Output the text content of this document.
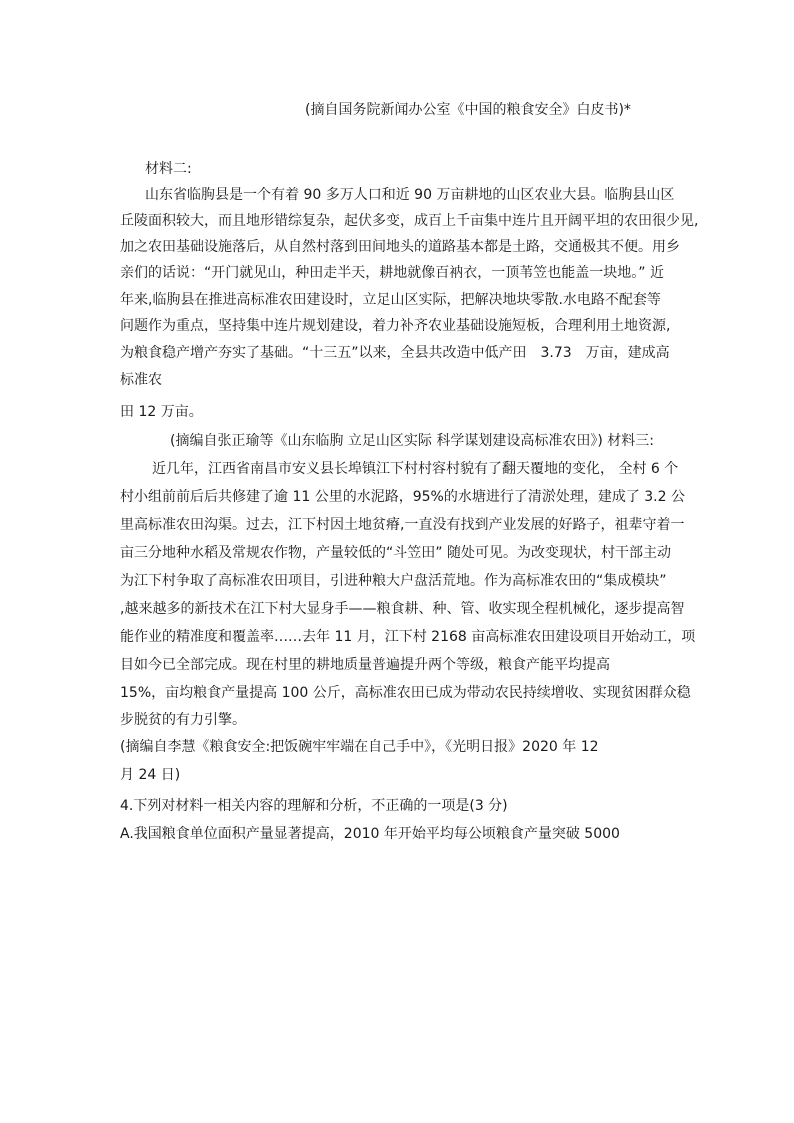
(摘自国务院新闻办公室《中国的粮食安全》白皮书)*
材料二:
山东省临朐县是一个有着 90 多万人口和近 90 万亩耕地的山区农业大县。临朐县山区
丘陵面积较大，而且地形错综复杂，起伏多变，成百上千亩集中连片且开阔平坦的农田很少见,
加之农田基础设施落后，从自然村落到田间地头的道路基本都是土路，交通极其不便。用乡
亲们的话说：“开门就见山，种田走半天，耕地就像百衲衣，一顶苇笠也能盖一块地。” 近
年来,临朐县在推进高标准农田建设时，立足山区实际，把解决地块零散.水电路不配套等
问题作为重点，坚持集中连片规划建设，着力补齐农业基础设施短板，合理利用土地资源,
为粮食稳产增产夯实了基础。“十三五”以来，全县共改造中低产田　3.73　万亩，建成高
标准农
田 12 万亩。
(摘编自张正瑜等《山东临朐 立足山区实际 科学谋划建设高标准农田》) 材料三:
近几年，江西省南昌市安义县长埠镇江下村村容村貌有了翻天覆地的变化， 全村 6 个
村小组前前后后共修建了逾 11 公里的水泥路，95%的水塘进行了清淤处理，建成了 3.2 公
里高标准农田沟渠。过去，江下村因土地贫瘠,一直没有找到产业发展的好路子，祖辈守着一
亩三分地种水稻及常规农作物，产量较低的“斗笠田” 随处可见。为改变现状，村干部主动
为江下村争取了高标准农田项目，引进种粮大户盘活荒地。作为高标准农田的“集成模块”
,越来越多的新技术在江下村大显身手——粮食耕、种、管、收实现全程机械化，逐步提高智
能作业的精准度和覆盖率……去年 11 月，江下村 2168 亩高标准农田建设项目开始动工，项
目如今已全部完成。现在村里的耕地质量普遍提升两个等级，粮食产能平均提高
15%，亩均粮食产量提高 100 公斤，高标准农田已成为带动农民持续增收、实现贫困群众稳
步脱贫的有力引擎。
(摘编自李慧《粮食安全:把饭碗牢牢端在自己手中》，《光明日报》2020 年 12
月 24 日)
4.下列对材料一相关内容的理解和分析，不正确的一项是(3 分)
A.我国粮食单位面积产量显著提高，2010 年开始平均每公顷粮食产量突破 5000
